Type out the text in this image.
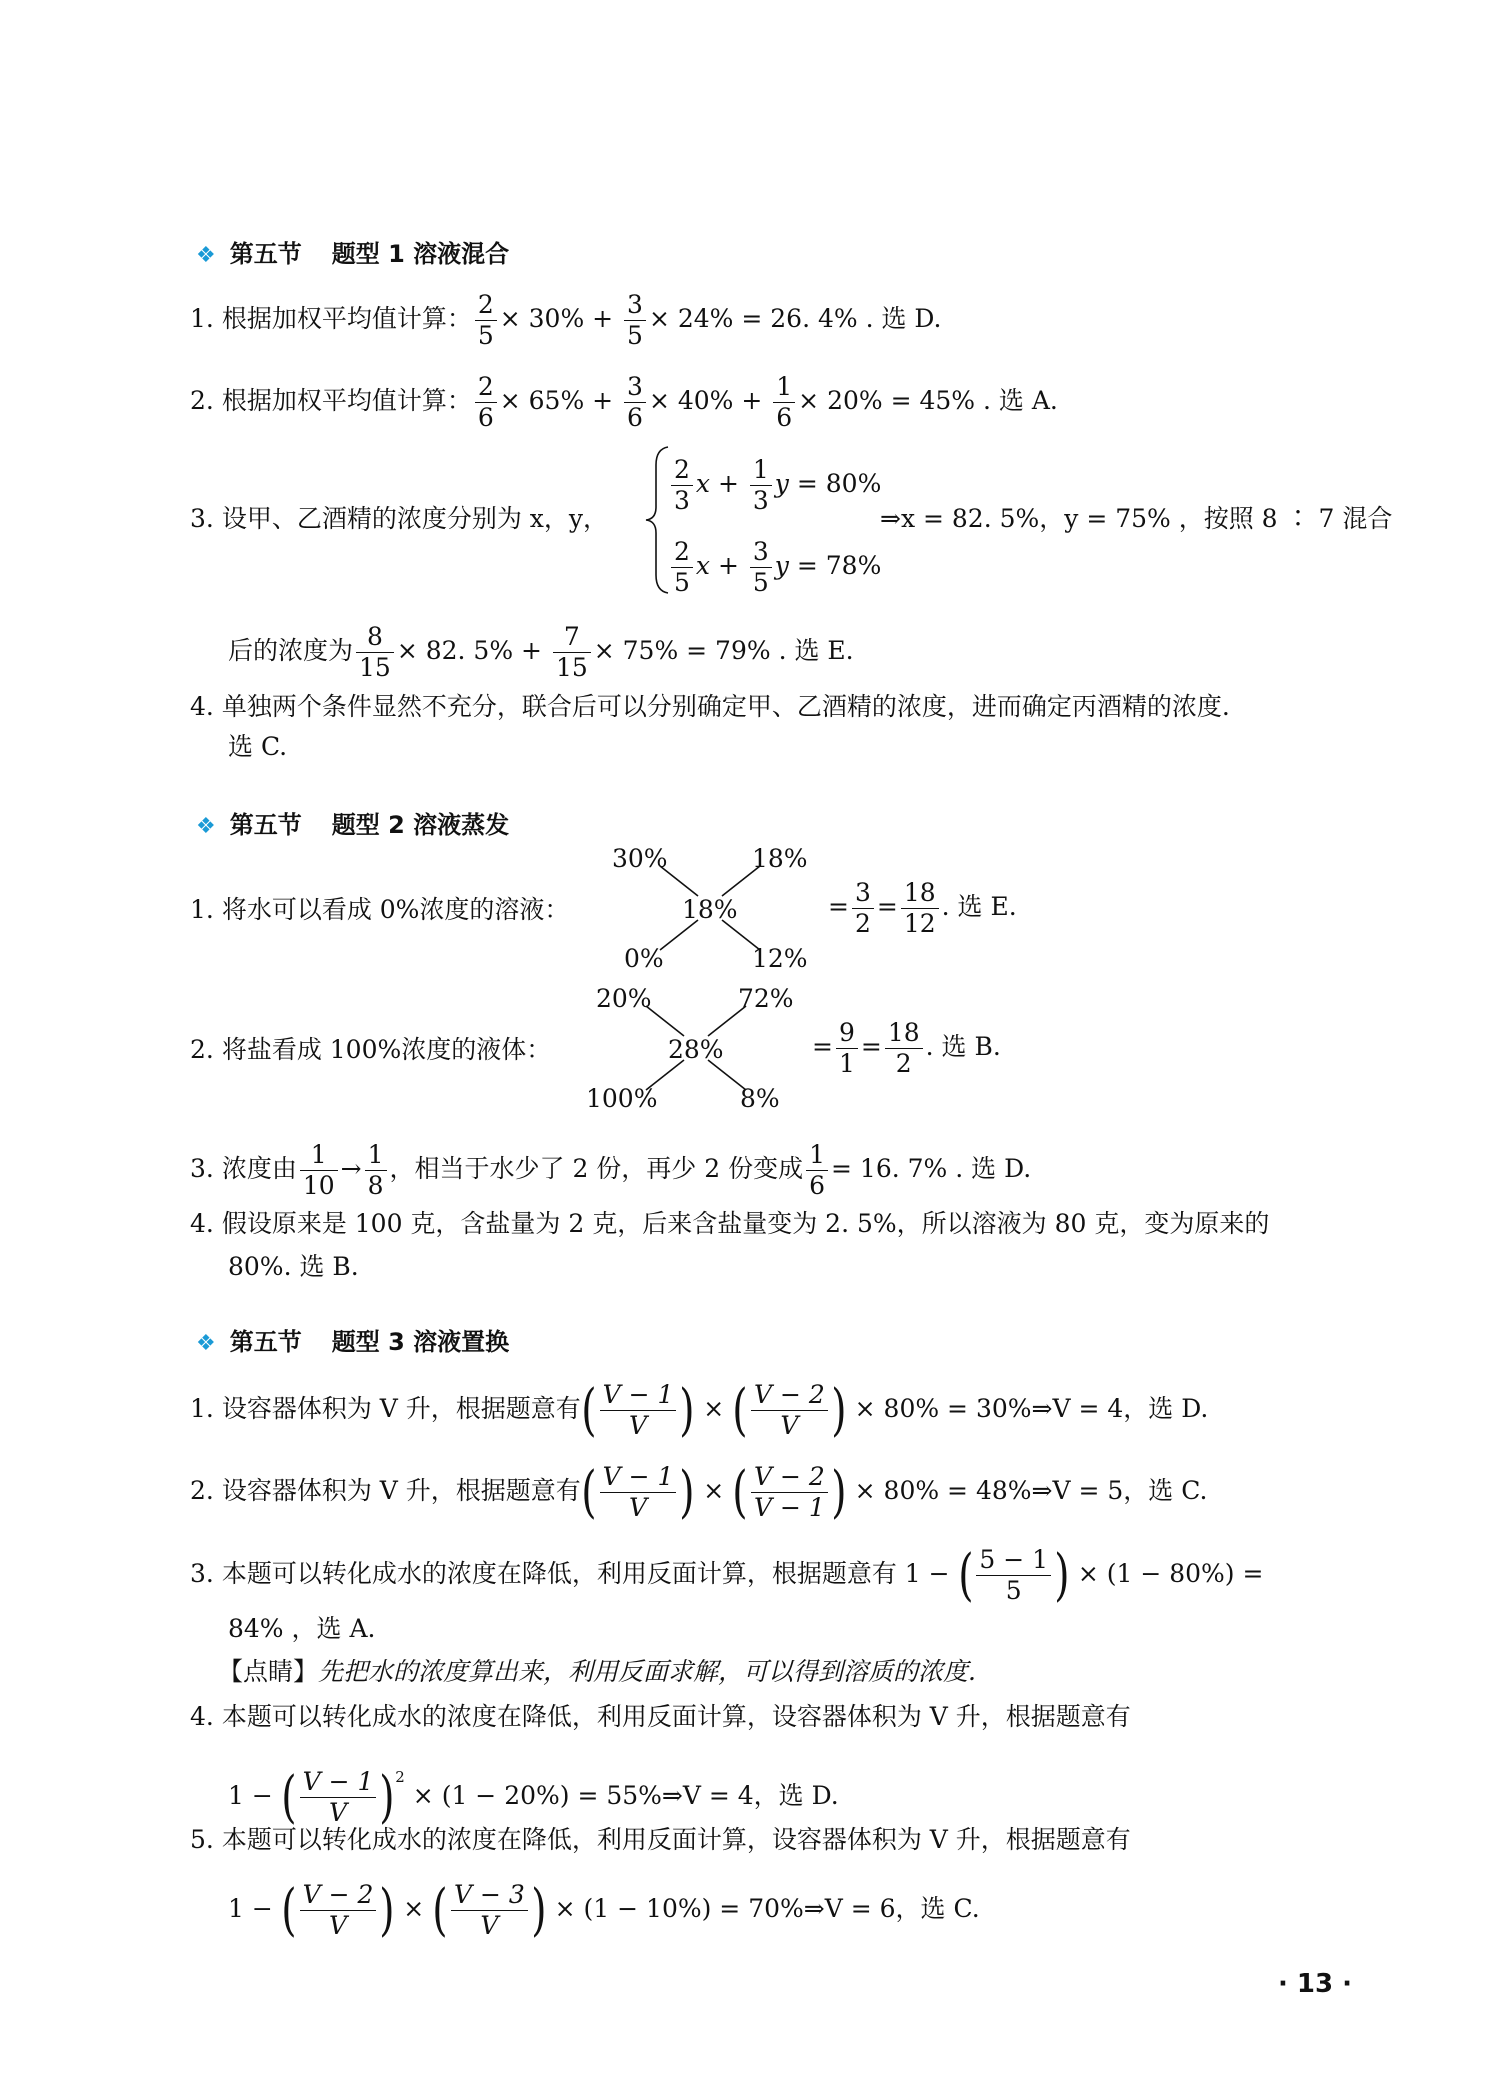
❖ 第五节 题型 1 溶液混合
1. 根据加权平均值计算： $\frac{2}{5} \times 30\% + \frac{3}{5} \times 24\% = 26$. 4% . 选 D.
2. 根据加权平均值计算： $\frac{2}{6} \times 65\% + \frac{3}{6} \times 40\% + \frac{1}{6} \times 20\% = 45\%$ . 选 A.
3. 设甲、乙酒精的浓度分别为 x，y，
$\frac{2}{3}$ $x + \frac{1}{3}$ y = 80%
$\frac{2}{5}$ $x + \frac{3}{5}$ y = 78%
⇒x = 82. 5%，y = 75% ，按照 8 ∶ 7 混合
后的浓度为 $\frac{8}{15} \times 82$. $5\% + \frac{7}{15} \times 75\% = 79\%$ . 选 E.
4. 单独两个条件显然不充分，联合后可以分别确定甲、乙酒精的浓度，进而确定丙酒精的浓度.
选 C.
❖ 第五节 题型 2 溶液蒸发
1. 将水可以看成 0%浓度的溶液：
30%	18%
18%
0%	12%
= $\frac{3}{2} = \frac{18}{12}$ . 选 E.
2. 将盐看成 100%浓度的液体：
20%	72%
28%
100%	8%
= $\frac{9}{1} = \frac{18}{2}$ . 选 B.
3. 浓度由 $\frac{1}{10} \to \frac{1}{8}$ ，相当于水少了 2 份，再少 2 份变成 $\frac{1}{6} = 16$. 7% . 选 D.
4. 假设原来是 100 克，含盐量为 2 克，后来含盐量变为 2. 5%，所以溶液为 80 克，变为原来的
80%. 选 B.
❖ 第五节 题型 3 溶液置换
1. 设容器体积为 V 升，根据题意有( $\frac{V - 1}{V}$ ) × ( $\frac{V - 2}{V}$ ) × 80% = 30%⇒V = 4，选 D.
2. 设容器体积为 V 升，根据题意有( $\frac{V - 1}{V}$ ) × ( $\frac{V - 2}{V - 1}$ ) × 80% = 48%⇒V = 5，选 C.
3. 本题可以转化成水的浓度在降低，利用反面计算，根据题意有 1 − ( $\frac{5 - 1}{5}$ ) × (1 − 80%) =
84% ，选 A.
【点睛】先把水的浓度算出来，利用反面求解，可以得到溶质的浓度.
4. 本题可以转化成水的浓度在降低，利用反面计算，设容器体积为 V 升，根据题意有
1 − ( $\frac{V - 1}{V} )^2 \times (1 - 20\%)$ = 55%⇒V = 4，选 D.
5. 本题可以转化成水的浓度在降低，利用反面计算，设容器体积为 V 升，根据题意有
1 − ( $\frac{V - 2}{V}$ ) × ( $\frac{V - 3}{V}$ ) × (1 − 10%) = 70%⇒V = 6，选 C.
· 13 ·
